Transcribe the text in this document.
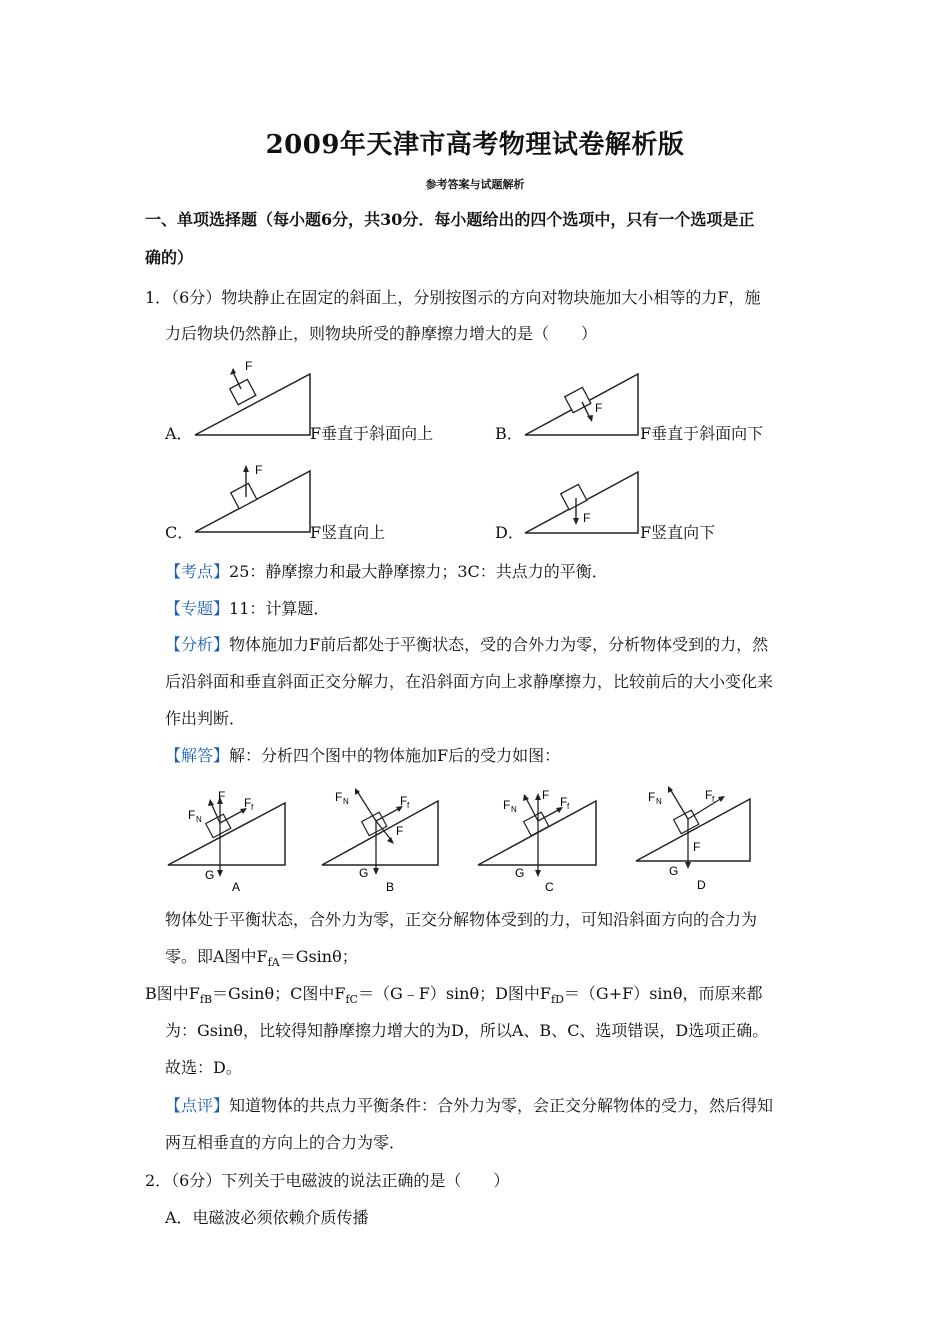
2009年天津市高考物理试卷解析版
参考答案与试题解析
一、单项选择题（每小题6分，共30分．每小题给出的四个选项中，只有一个选项是正
确的）
1．（6分）物块静止在固定的斜面上，分别按图示的方向对物块施加大小相等的力F，施
力后物块仍然静止，则物块所受的静摩擦力增大的是（　　）
F
A．	F垂直于斜面向上
F
B．	F垂直于斜面向下
F
C．	F竖直向上
F
D．	F竖直向下
【考点】25：静摩擦力和最大静摩擦力；3C：共点力的平衡．
【专题】11：计算题．
【分析】物体施加力F前后都处于平衡状态，受的合外力为零，分析物体受到的力，然
后沿斜面和垂直斜面正交分解力，在沿斜面方向上求静摩擦力，比较前后的大小变化来
作出判断．
【解答】解：分析四个图中的物体施加F后的受力如图：
F N
F F f
G
A
F N
F
F f
G
B
F N
F F f
G
C
F N
F
F f
G
D
物体处于平衡状态，合外力为零，正交分解物体受到的力，可知沿斜面方向的合力为
零。即A图中$F_{fA}=Gsin\theta$；
B图中$F_{fB}=Gsin\theta$；C图中$F_{fC}=(G﹣F)\sin\theta$；D图中$F_{fD}=(G+F)\sin\theta$，而原来都
为：Gsinθ，比较得知静摩擦力增大的为D，所以A、B、C、选项错误，D选项正确。
故选：D。
【点评】知道物体的共点力平衡条件：合外力为零，会正交分解物体的受力，然后得知
两互相垂直的方向上的合力为零．
2．（6分）下列关于电磁波的说法正确的是（　　）
A．电磁波必须依赖介质传播
